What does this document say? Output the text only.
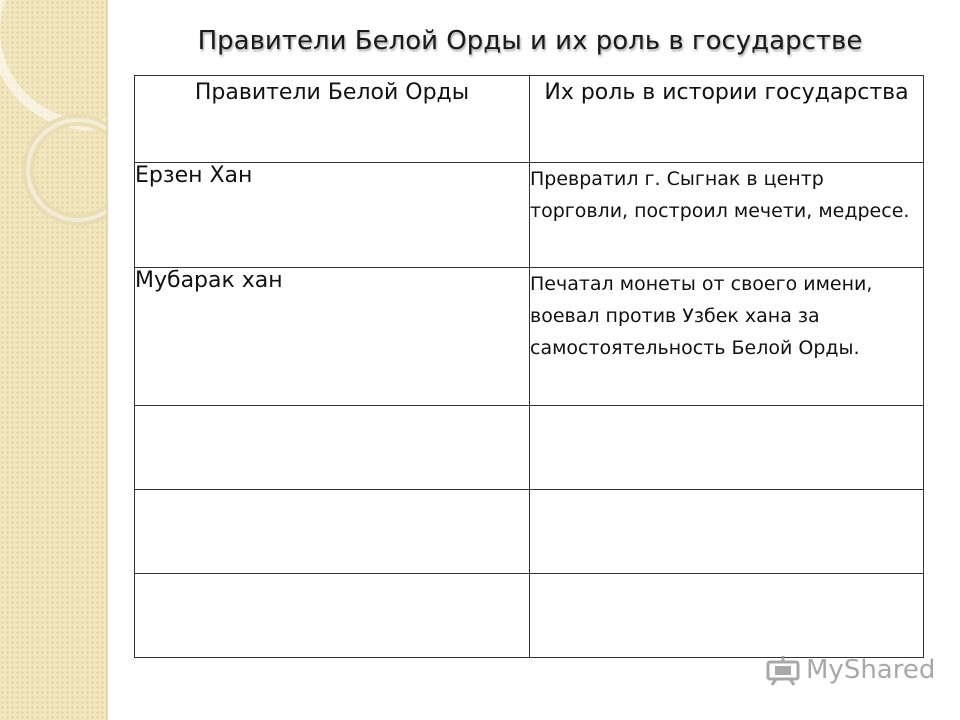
Правители Белой Орды и их роль в государстве
Правители Белой Орды	Их роль в истории государства
Ерзен Хан	Превратил г. Сыгнак в центр торговли, построил мечети, медресе.
Мубарак хан	Печатал монеты от своего имени, воевал против Узбек хана за самостоятельность Белой Орды.

MyShared
